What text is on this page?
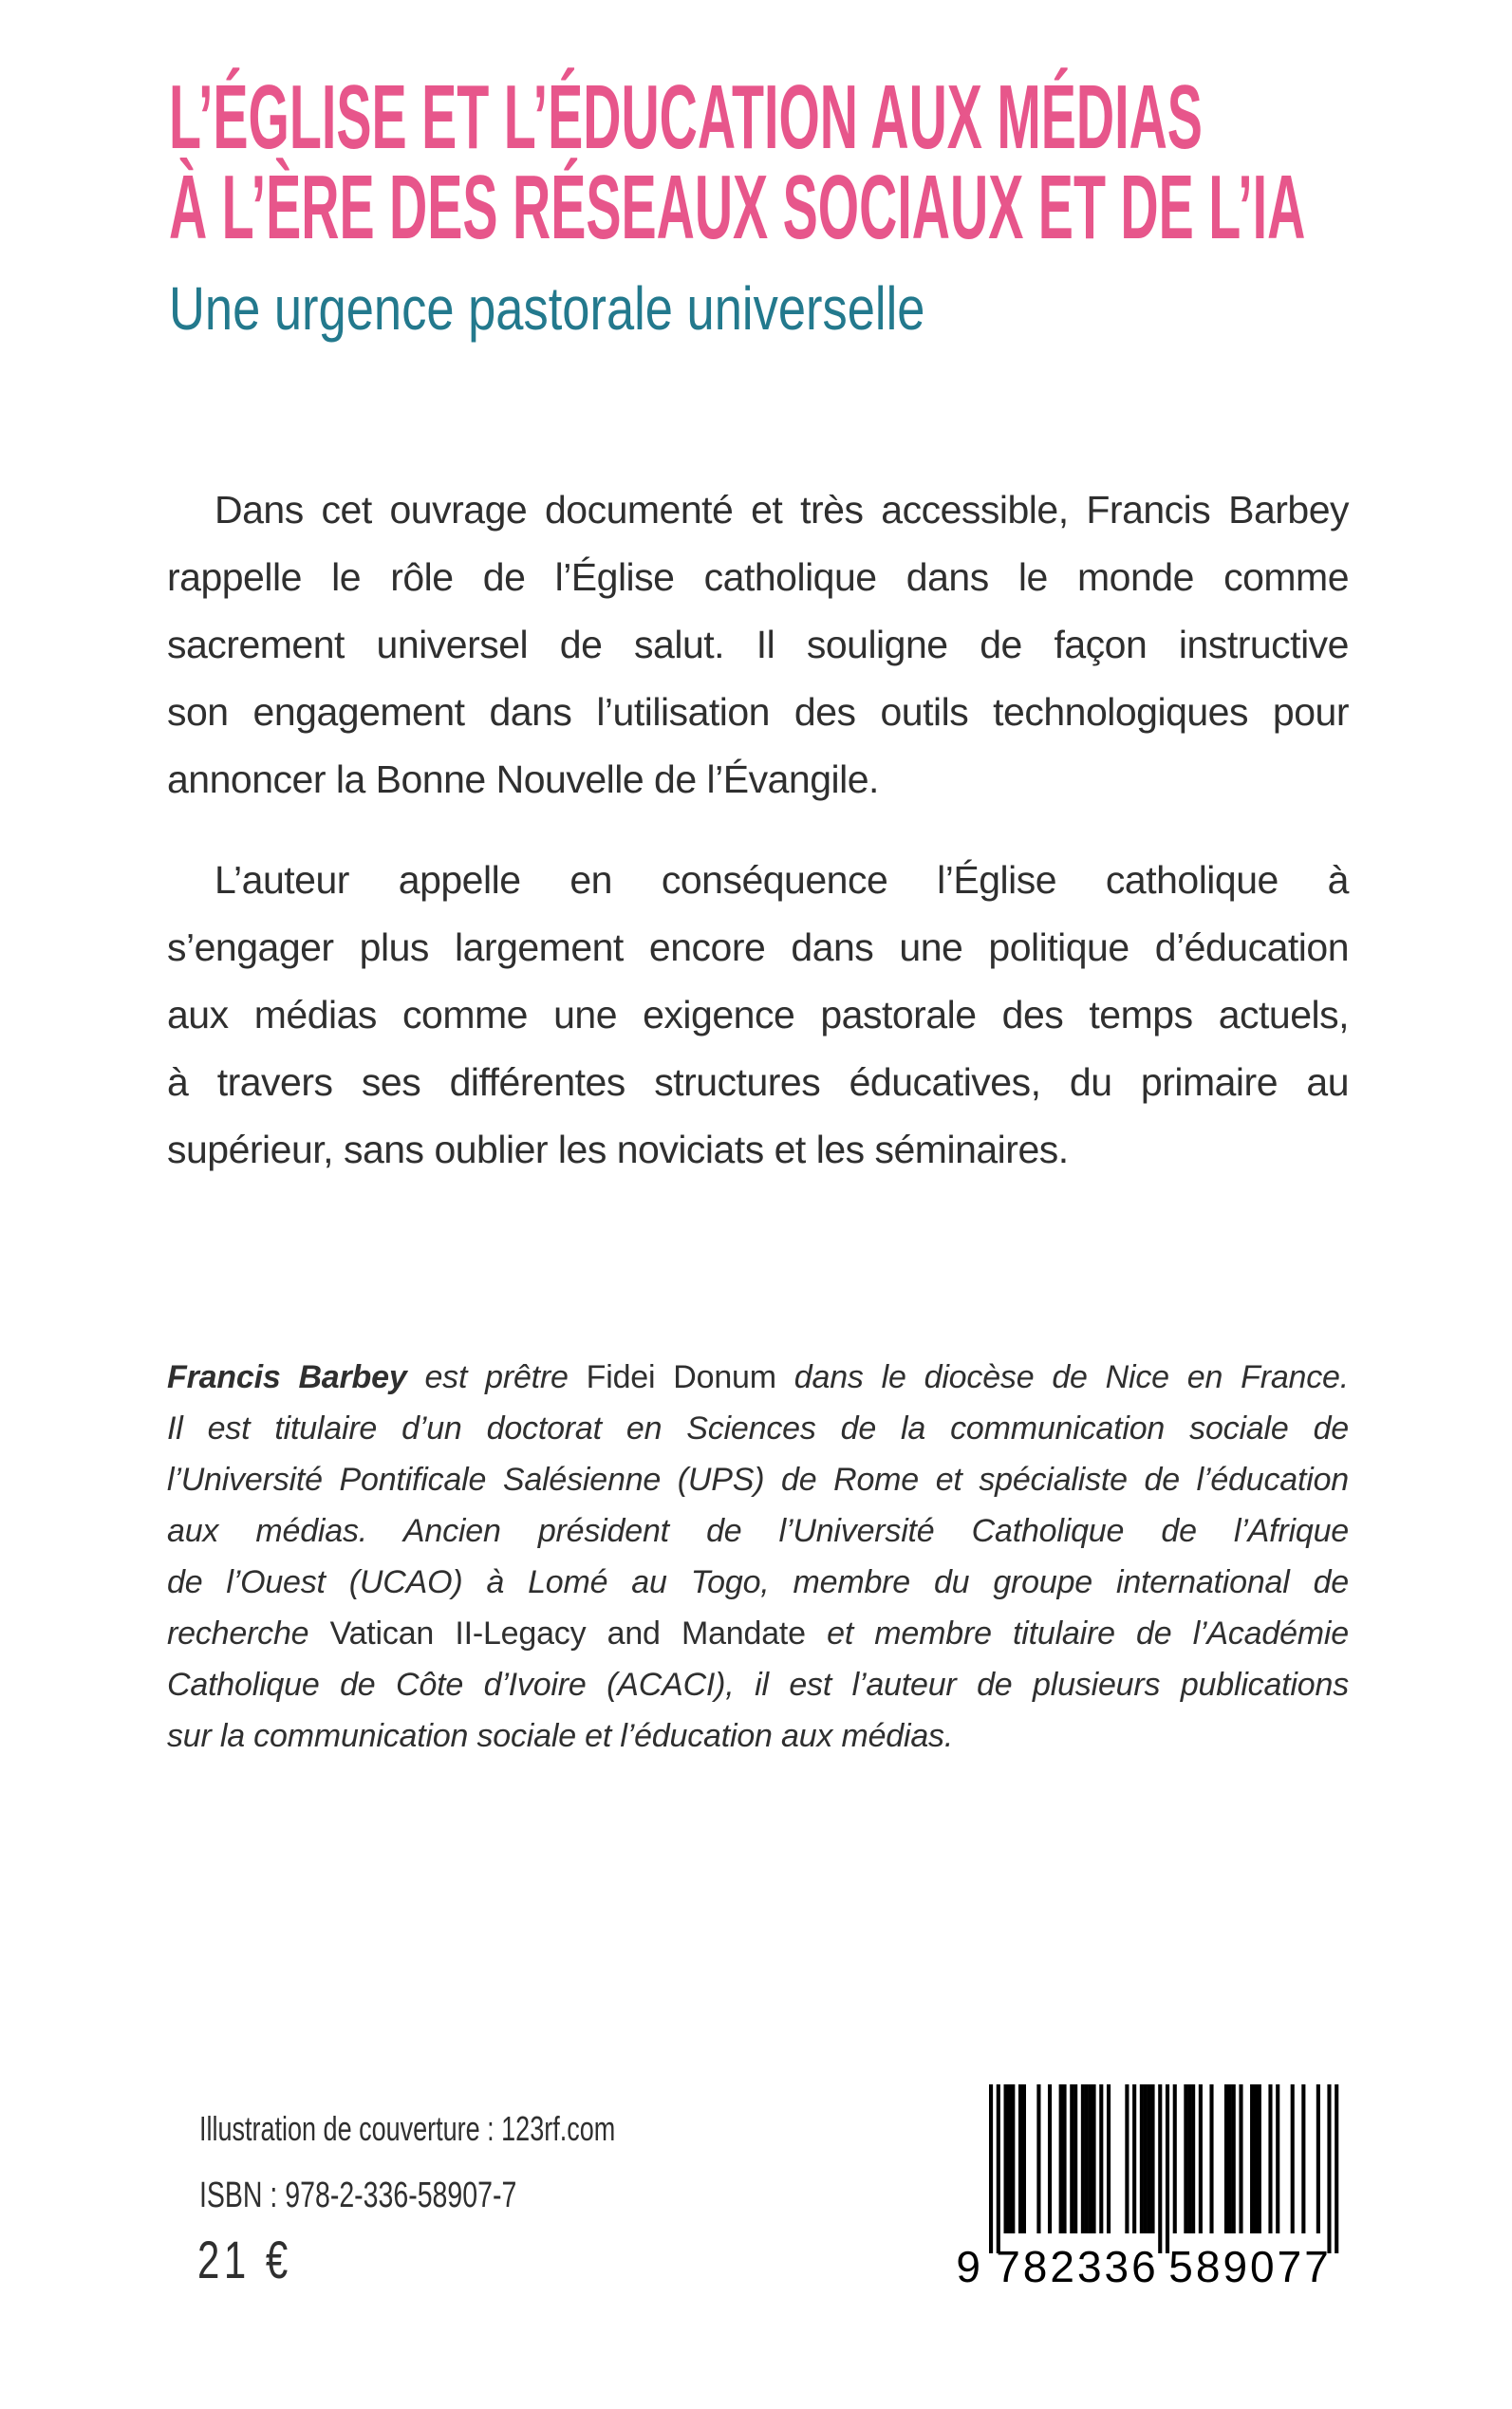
L’ÉGLISE ET L’ÉDUCATION AUX MÉDIAS
À L’ÈRE DES RÉSEAUX SOCIAUX ET DE L’IA
Une urgence pastorale universelle
Dans cet ouvrage documenté et très accessible, Francis Barbey
rappelle le rôle de l’Église catholique dans le monde comme
sacrement universel de salut. Il souligne de façon instructive
son engagement dans l’utilisation des outils technologiques pour
annoncer la Bonne Nouvelle de l’Évangile.
L’auteur appelle en conséquence l’Église catholique à
s’engager plus largement encore dans une politique d’éducation
aux médias comme une exigence pastorale des temps actuels,
à travers ses différentes structures éducatives, du primaire au
supérieur, sans oublier les noviciats et les séminaires.
Francis Barbey est prêtre Fidei Donum dans le diocèse de Nice en France.
Il est titulaire d’un doctorat en Sciences de la communication sociale de
l’Université Pontificale Salésienne (UPS) de Rome et spécialiste de l’éducation
aux médias. Ancien président de l’Université Catholique de l’Afrique
de l’Ouest (UCAO) à Lomé au Togo, membre du groupe international de
recherche Vatican II-Legacy and Mandate et membre titulaire de l’Académie
Catholique de Côte d’Ivoire (ACACI), il est l’auteur de plusieurs publications
sur la communication sociale et l’éducation aux médias.
Illustration de couverture : 123rf.com
ISBN : 978-2-336-58907-7
21 €	9 782336 589077
